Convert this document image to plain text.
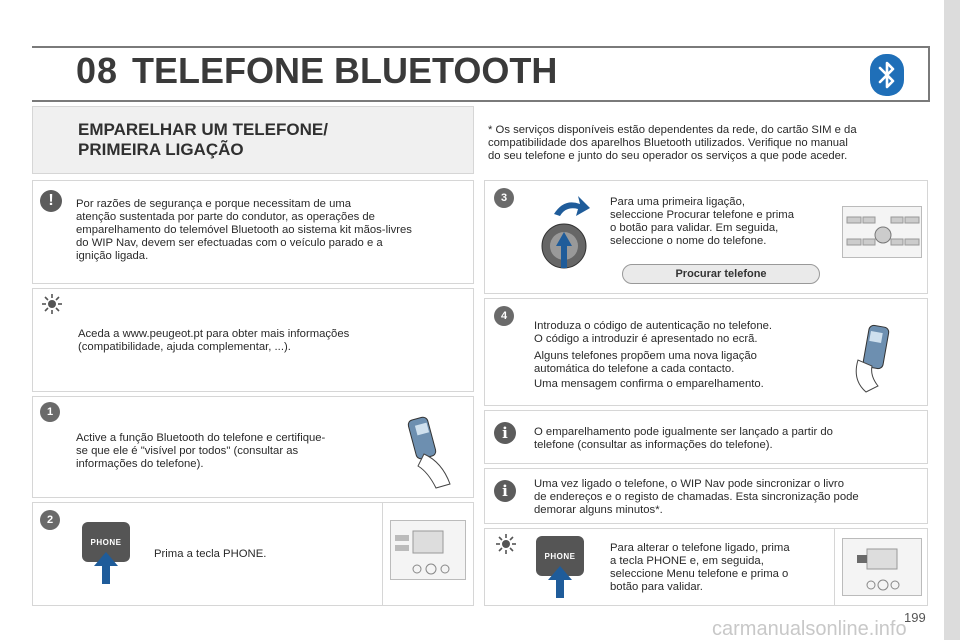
08 TELEFONE BLUETOOTH
EMPARELHAR UM TELEFONE/
PRIMEIRA LIGAÇÃO
!	Por razões de segurança e porque necessitam de uma
atenção sustentada por parte do condutor, as operações de
emparelhamento do telemóvel Bluetooth ao sistema kit mãos-livres
do WIP Nav, devem ser efectuadas com o veículo parado e a
ignição ligada.
Aceda a www.peugeot.pt para obter mais informações
(compatibilidade, ajuda complementar, ...).
1
Active a função Bluetooth do telefone e certifique-
se que ele é "visível por todos" (consultar as
informações do telefone).
2
PHONE
Prima a tecla PHONE.
* Os serviços disponíveis estão dependentes da rede, do cartão SIM e da
compatibilidade dos aparelhos Bluetooth utilizados. Verifique no manual
do seu telefone e junto do seu operador os serviços a que pode aceder.
3	Para uma primeira ligação,
seleccione Procurar telefone e prima
o botão para validar. Em seguida,
seleccione o nome do telefone.
Procurar telefone
4
Introduza o código de autenticação no telefone.
O código a introduzir é apresentado no ecrã.
Alguns telefones propõem uma nova ligação
automática do telefone a cada contacto.
Uma mensagem confirma o emparelhamento.
i	O emparelhamento pode igualmente ser lançado a partir do
telefone (consultar as informações do telefone).
i	Uma vez ligado o telefone, o WIP Nav pode sincronizar o livro
de endereços e o registo de chamadas. Esta sincronização pode
demorar alguns minutos*.
PHONE
Para alterar o telefone ligado, prima
a tecla PHONE e, em seguida,
seleccione Menu telefone e prima o
botão para validar.
199
carmanualsonline.info
